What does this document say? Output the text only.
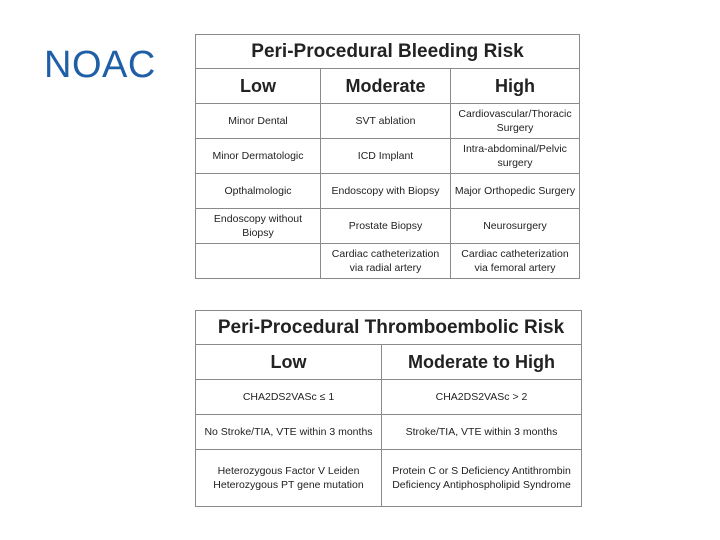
NOAC	Peri-Procedural Bleeding Risk		
Low	Moderate	High
Minor Dental	SVT ablation	Cardiovascular/Thoracic Surgery
Minor Dermatologic	ICD Implant	Intra-abdominal/Pelvic surgery
Opthalmologic	Endoscopy with Biopsy	Major Orthopedic Surgery
Endoscopy without Biopsy	Prostate Biopsy	Neurosurgery
	Cardiac catheterization via radial artery	Cardiac catheterization via femoral artery
Peri-Procedural Thromboembolic Risk	
Low	Moderate to High
CHA2DS2VASc ≤ 1	CHA2DS2VASc > 2
No Stroke/TIA, VTE within 3 months	Stroke/TIA, VTE within 3 months
Heterozygous Factor V Leiden Heterozygous PT gene mutation	Protein C or S Deficiency Antithrombin Deficiency Antiphospholipid Syndrome
